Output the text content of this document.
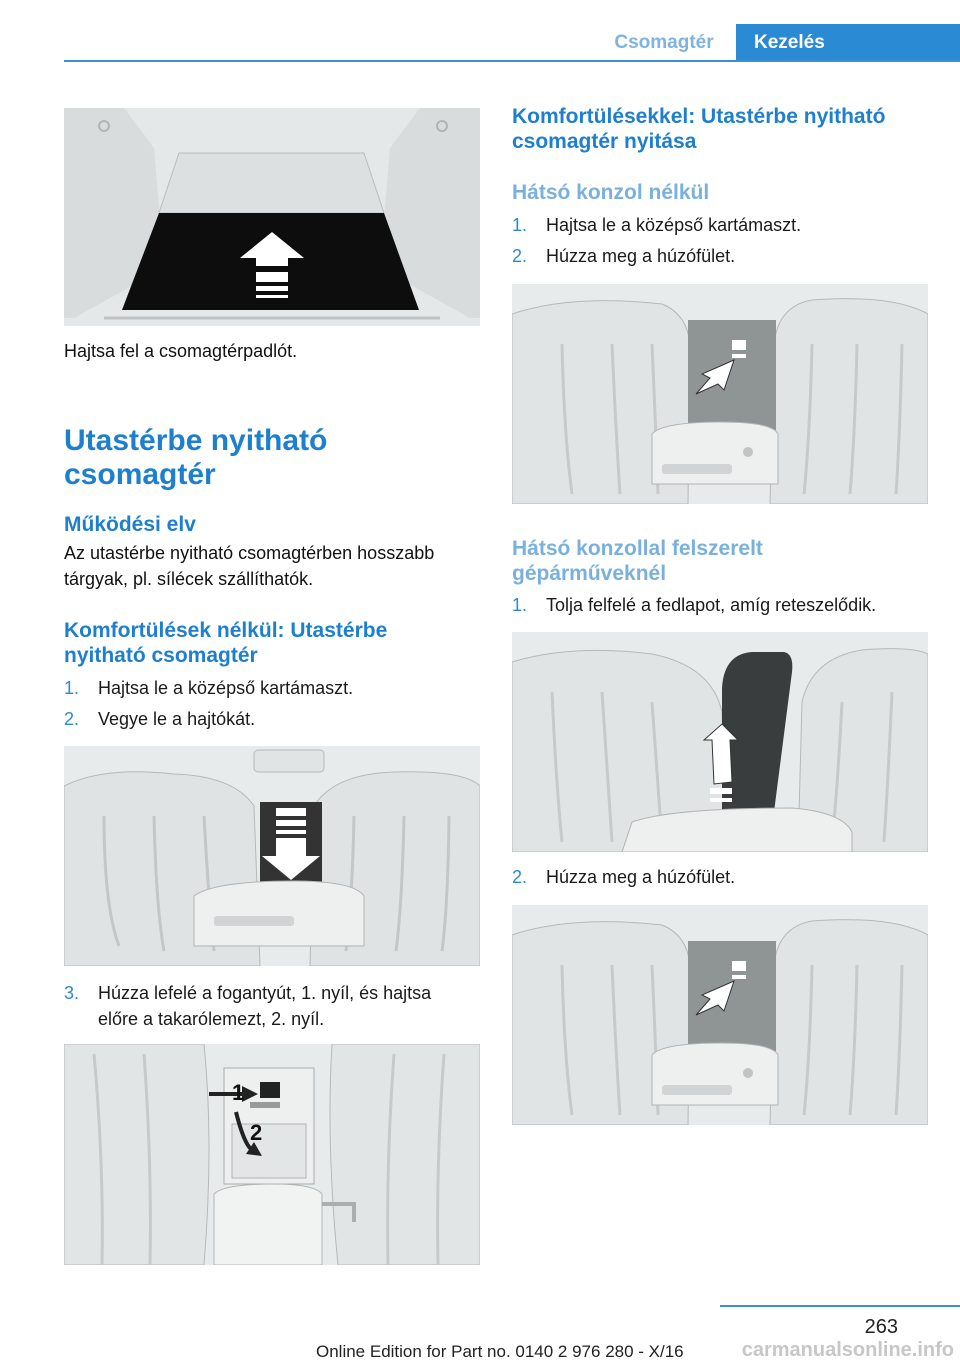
Csomagtér	Kezelés
Hajtsa fel a csomagtérpadlót.
Utastérbe nyitható csomagtér
Működési elv
Az utastérbe nyitható csomagtérben hosszabb tárgyak, pl. sílécek szállíthatók.
Komfortülések nélkül: Utastérbe nyitható csomagtér
1. Hajtsa le a középső kartámaszt.
2. Vegye le a hajtókát.
3. Húzza lefelé a fogantyút, 1. nyíl, és hajtsa előre a takarólemezt, 2. nyíl.
1
2
Komfortülésekkel: Utastérbe nyitható csomagtér nyitása
Hátsó konzol nélkül
1. Hajtsa le a középső kartámaszt.
2. Húzza meg a húzófület.
Hátsó konzollal felszerelt gépárműveknél
1. Tolja felfelé a fedlapot, amíg reteszelődik.
2. Húzza meg a húzófület.
263
Online Edition for Part no. 0140 2 976 280 - X/16	carmanualsonline.info
